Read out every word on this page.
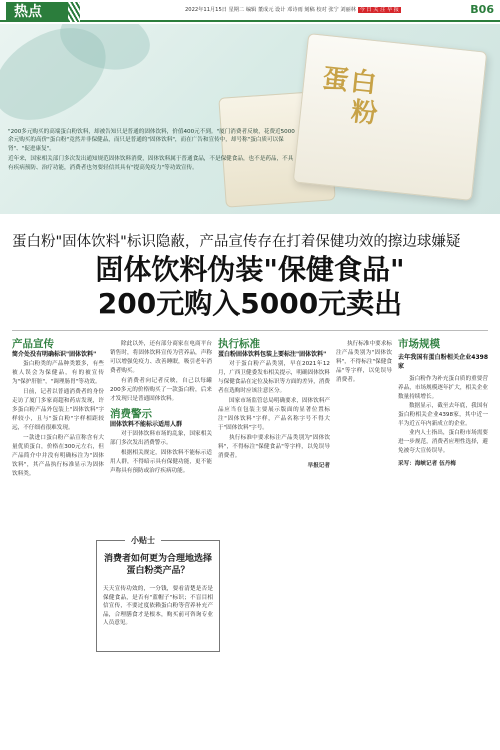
热点	2022年11月15日 星期二 编辑 董成元 设计 邓诗雨 刻稿 校对 张宁 刘丽林 今 日 关 注 早 报	B06
蛋白
粉

"200多元购买的高端蛋白粉饮料，却被告知只是普通的固体饮料，价值400元不到。"厦门消费者反映，花费近5000余元购买的高价"蛋白粉"竟然并非保健品，而只是普通的"固体饮料"，而在广告和宣传中，却号称"蛋白质可以保肾"、"促进康复"。

近年来，国家相关部门多次发出通知规范固体饮料消费，固体饮料属于普通食品，不是保健食品，也不是药品，不具有疾病预防、治疗功能，消费者也勿要轻信其具有"提高免疫力"等功效宣传。

蛋白粉"固体饮料"标识隐蔽，产品宣传存在打着保健功效的擦边球嫌疑
固体饮料伪装"保健食品"
200元购入5000元卖出

产品宣传

简介处没有明确标识"固体饮料"

蛋白粉类的产品种类繁多，有些被人误会为保健品，有的被宣传为"保护肝脏"，"调理肠胃"等功效。

日前，记者以普通消费者的身份走访了厦门多家商超和药店发现，许多蛋白粉产品外包装上"固体饮料"字样较小，且与"蛋白粉"字样相距较远，不仔细看很难发现。

一款进口蛋白粉产品宣称含有大量优质蛋白，价格在300元左右，但产品简介中并没有明确标注为"固体饮料"，其产品执行标准显示为固体饮料类。

除此以外，还有部分商家在电商平台销售时，将固体饮料宣传为营养品，声称可以增强免疫力、改善睡眠，吸引老年消费者购买。

有消费者向记者反映，自己以每罐200多元的价格购买了一款蛋白粉，后来才发现只是普通固体饮料。

消费警示

固体饮料不能标示适用人群

对于固体饮料市场的乱象，国家相关部门多次发出消费警示。

根据相关规定，固体饮料不能标示适用人群，不得暗示具有保健功能，更不能声称具有预防或治疗疾病功能。

小贴士
消费者如何更为合理地选择蛋白粉类产品？
天天宣传功效的，一分钱，要看清楚是否是保健食品，是否有"蓝帽子"标识；不盲目相信宣传，不要过度依赖蛋白粉等营养补充产品，合理膳食才是根本，购买前可咨询专业人员意见。

执行标准

蛋白粉固体饮料包装上要标注"固体饮料"

对于蛋白粉产品类别，早在2021年12月，广西卫健委发布相关提示，明确固体饮料与保健食品在定位及标识等方面的差异，消费者在选购时应该注意区分。

国家市场监管总局明确要求，固体饮料产品应当在包装主要展示版面的显著位置标注"固体饮料"字样，产品名称字号不得大于"固体饮料"字号。

执行标准中要求标注产品类别为"固体饮料"，不得标注"保健食品"等字样，以免误导消费者。

早报记者

市场规模

去年我国有蛋白粉相关企业4398家

蛋白粉作为补充蛋白质的重要营养品，市场规模逐年扩大，相关企业数量持续增长。

数据显示，截至去年底，我国有蛋白粉相关企业4398家，其中近一半为近五年内新成立的企业。

业内人士指出，蛋白粉市场需要进一步规范，消费者应理性选择，避免被夸大宣传误导。

采写：海峡记者 伍丹梅

执行标准中要求标注产品类别为"固体饮料"，不得标注"保健食品"等字样，以免误导消费者。
